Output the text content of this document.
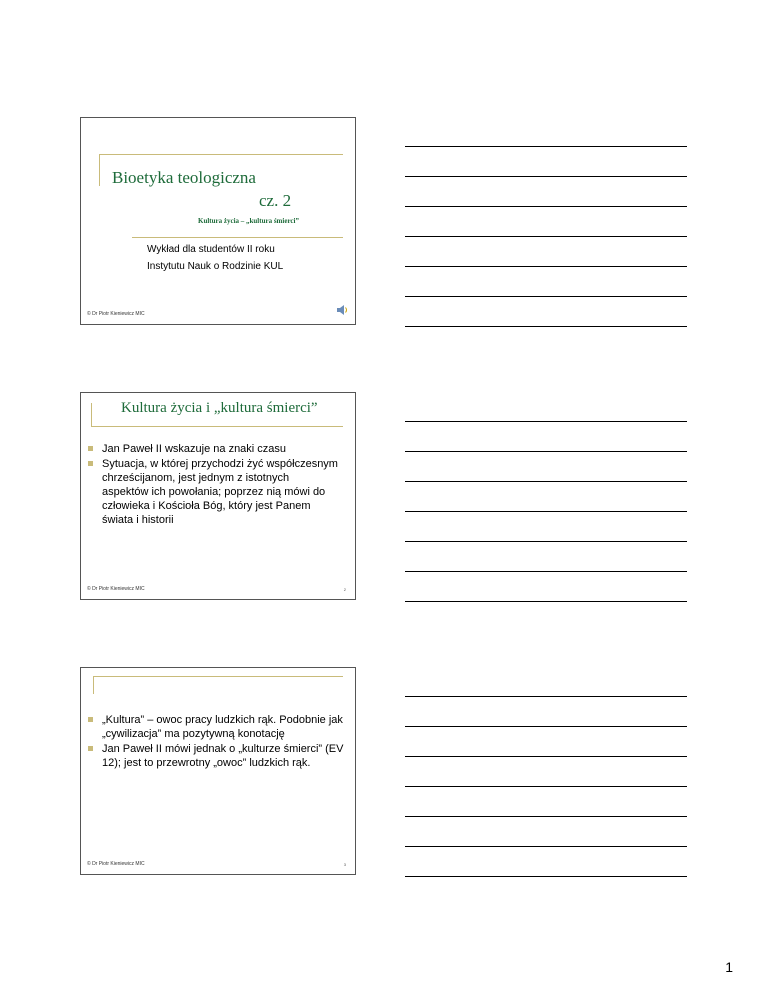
Bioetyka teologiczna
cz. 2
Kultura życia – „kultura śmierci”
Wykład dla studentów II roku
Instytutu Nauk o Rodzinie KUL
© Dr Piotr Kieniewicz MIC
Kultura życia i „kultura śmierci”
Jan Paweł II wskazuje na znaki czasu
Sytuacja, w której przychodzi żyć współczesnym chrześcijanom, jest jednym z istotnych aspektów ich powołania; poprzez nią mówi do człowieka i Kościoła Bóg, który jest Panem świata i historii
© Dr Piotr Kieniewicz MIC	2
„Kultura” – owoc pracy ludzkich rąk. Podobnie jak „cywilizacja” ma pozytywną konotację
Jan Paweł II mówi jednak o „kulturze śmierci” (EV 12); jest to przewrotny „owoc” ludzkich rąk.
© Dr Piotr Kieniewicz MIC	3
1
